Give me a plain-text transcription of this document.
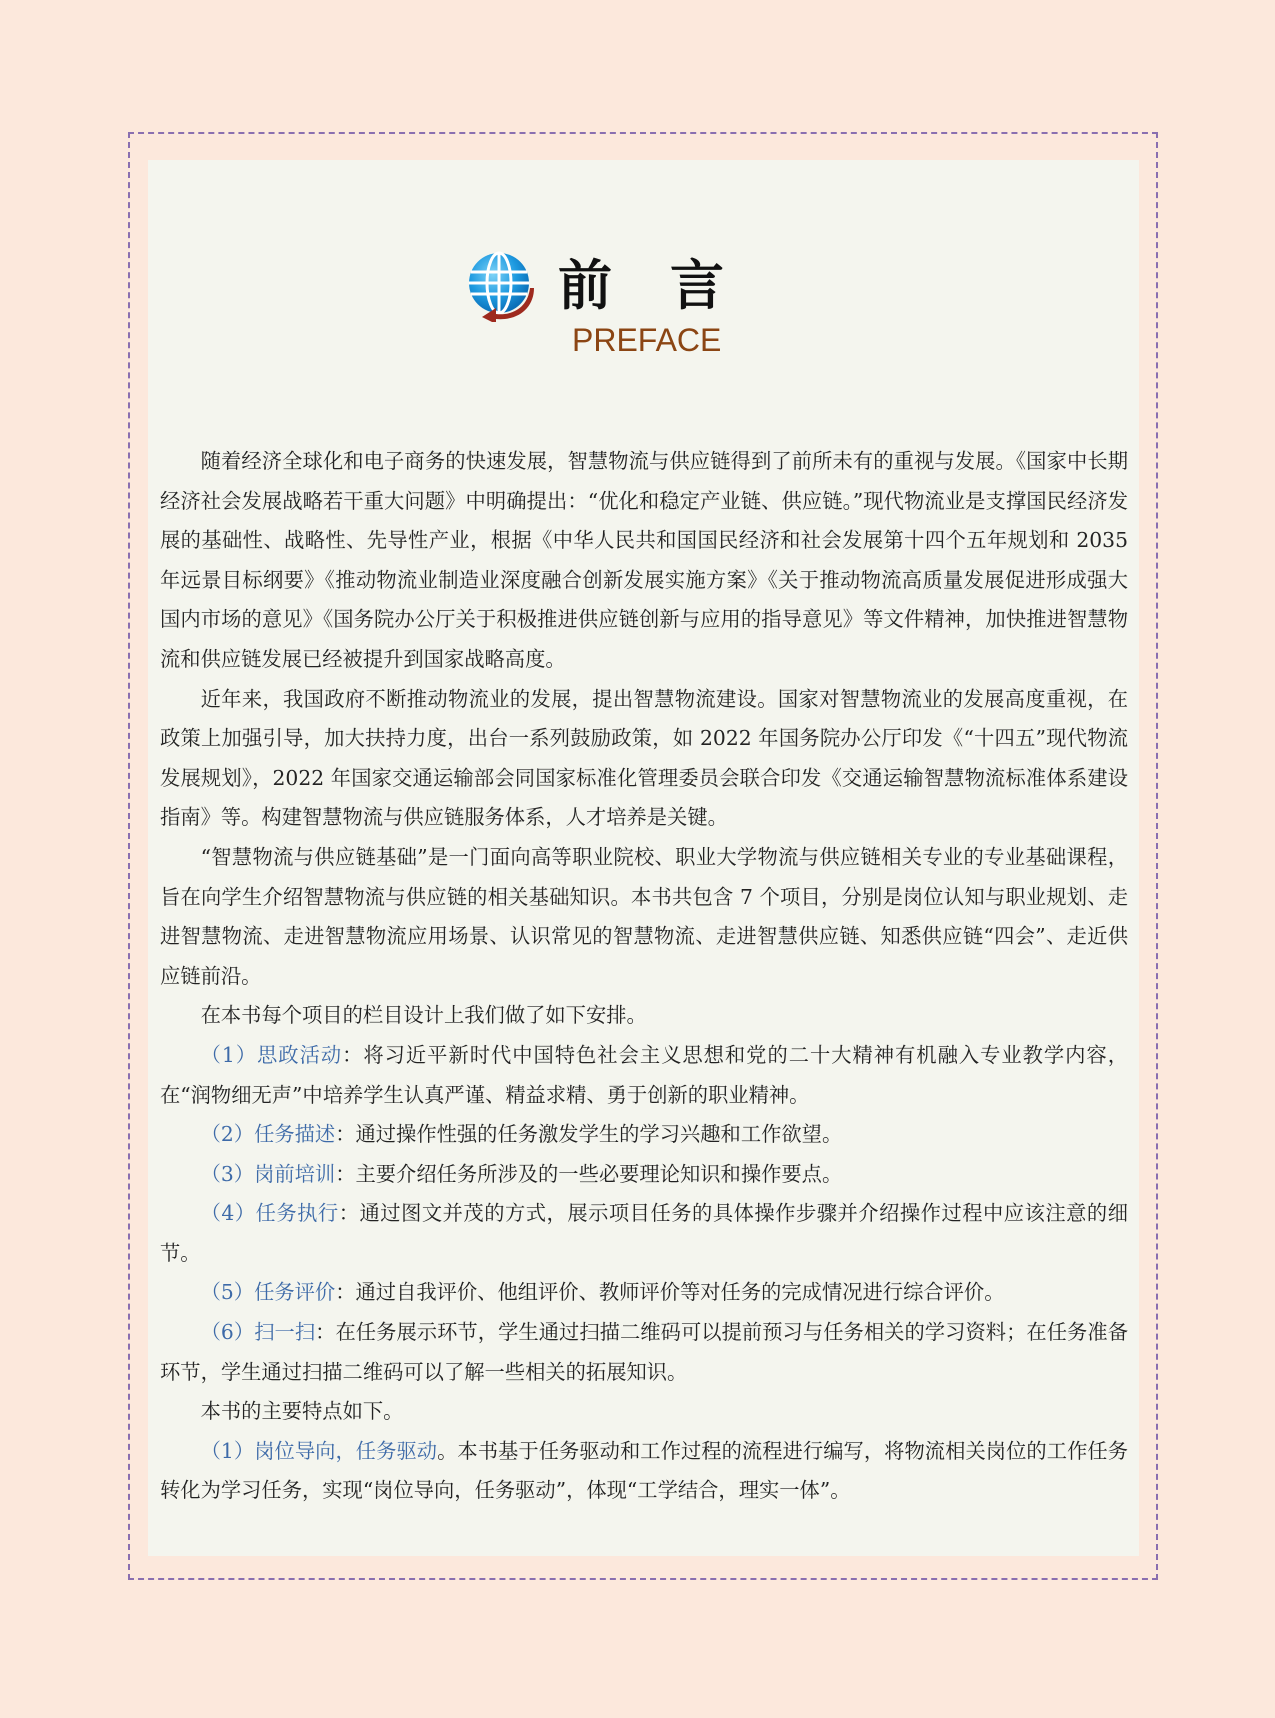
前言
PREFACE

随着经济全球化和电子商务的快速发展，智慧物流与供应链得到了前所未有的重视与发展。《国家中长期经济社会发展战略若干重大问题》中明确提出：“优化和稳定产业链、供应链。”现代物流业是支撑国民经济发展的基础性、战略性、先导性产业，根据《中华人民共和国国民经济和社会发展第十四个五年规划和 2035 年远景目标纲要》《推动物流业制造业深度融合创新发展实施方案》《关于推动物流高质量发展促进形成强大国内市场的意见》《国务院办公厅关于积极推进供应链创新与应用的指导意见》等文件精神，加快推进智慧物流和供应链发展已经被提升到国家战略高度。

近年来，我国政府不断推动物流业的发展，提出智慧物流建设。国家对智慧物流业的发展高度重视，在政策上加强引导，加大扶持力度，出台一系列鼓励政策，如 2022 年国务院办公厅印发《“十四五”现代物流发展规划》，2022 年国家交通运输部会同国家标准化管理委员会联合印发《交通运输智慧物流标准体系建设指南》等。构建智慧物流与供应链服务体系，人才培养是关键。

“智慧物流与供应链基础”是一门面向高等职业院校、职业大学物流与供应链相关专业的专业基础课程，旨在向学生介绍智慧物流与供应链的相关基础知识。本书共包含 7 个项目，分别是岗位认知与职业规划、走进智慧物流、走进智慧物流应用场景、认识常见的智慧物流、走进智慧供应链、知悉供应链“四会”、走近供应链前沿。

在本书每个项目的栏目设计上我们做了如下安排。

（1）思政活动：将习近平新时代中国特色社会主义思想和党的二十大精神有机融入专业教学内容，在“润物细无声”中培养学生认真严谨、精益求精、勇于创新的职业精神。

（2）任务描述：通过操作性强的任务激发学生的学习兴趣和工作欲望。

（3）岗前培训：主要介绍任务所涉及的一些必要理论知识和操作要点。

（4）任务执行：通过图文并茂的方式，展示项目任务的具体操作步骤并介绍操作过程中应该注意的细节。

（5）任务评价：通过自我评价、他组评价、教师评价等对任务的完成情况进行综合评价。

（6）扫一扫：在任务展示环节，学生通过扫描二维码可以提前预习与任务相关的学习资料；在任务准备环节，学生通过扫描二维码可以了解一些相关的拓展知识。

本书的主要特点如下。

（1）岗位导向，任务驱动。本书基于任务驱动和工作过程的流程进行编写，将物流相关岗位的工作任务转化为学习任务，实现“岗位导向，任务驱动”，体现“工学结合，理实一体”。
